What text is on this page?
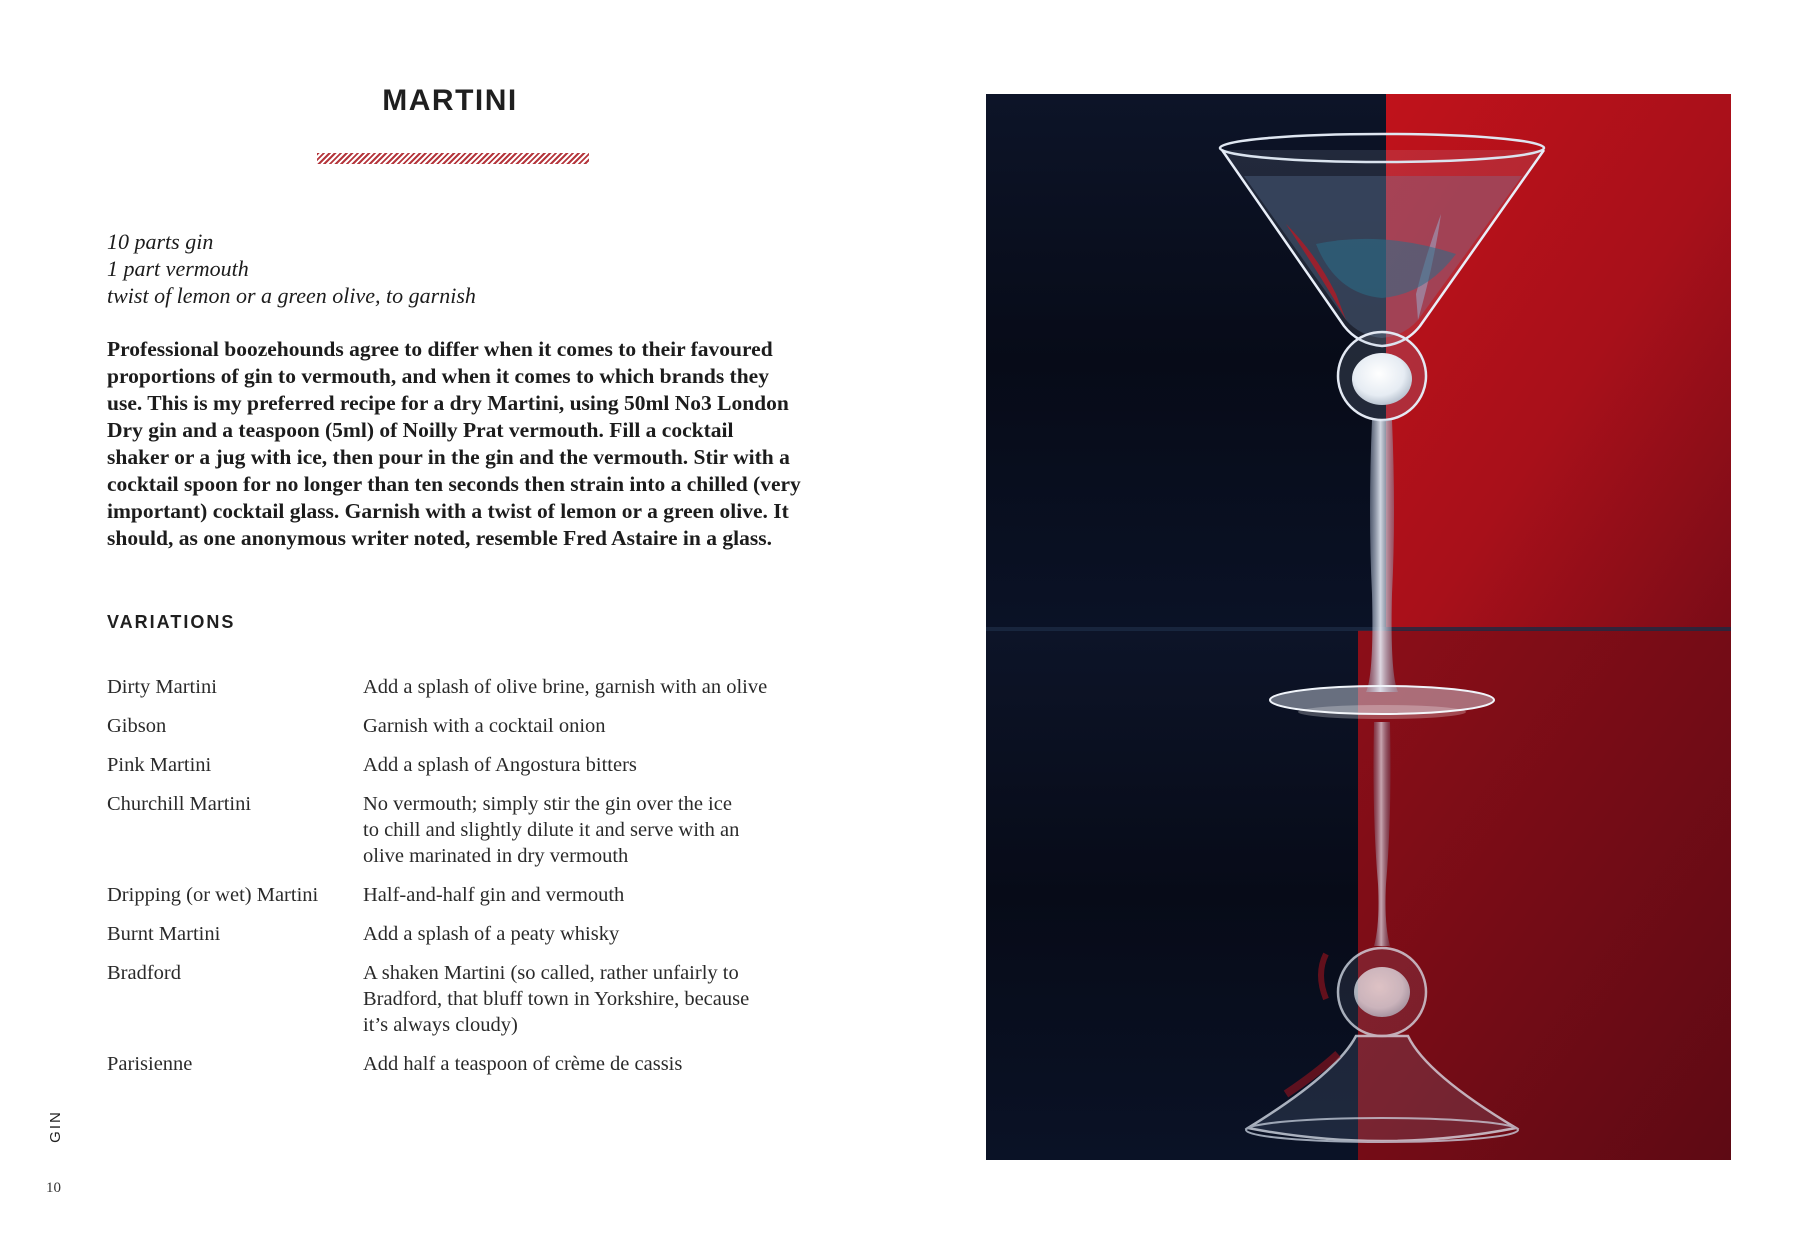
MARTINI
10 parts gin
1 part vermouth
twist of lemon or a green olive, to garnish
Professional boozehounds agree to differ when it comes to their favoured
proportions of gin to vermouth, and when it comes to which brands they
use. This is my preferred recipe for a dry Martini, using 50ml No3 London
Dry gin and a teaspoon (5ml) of Noilly Prat vermouth. Fill a cocktail
shaker or a jug with ice, then pour in the gin and the vermouth. Stir with a
cocktail spoon for no longer than ten seconds then strain into a chilled (very
important) cocktail glass. Garnish with a twist of lemon or a green olive. It
should, as one anonymous writer noted, resemble Fred Astaire in a glass.
VARIATIONS
Dirty Martini	Add a splash of olive brine, garnish with an olive
Gibson	Garnish with a cocktail onion
Pink Martini	Add a splash of Angostura bitters
Churchill Martini	No vermouth; simply stir the gin over the ice
to chill and slightly dilute it and serve with an
olive marinated in dry vermouth
Dripping (or wet) Martini	Half-and-half gin and vermouth
Burnt Martini	Add a splash of a peaty whisky
Bradford	A shaken Martini (so called, rather unfairly to
Bradford, that bluff town in Yorkshire, because
it’s always cloudy)
Parisienne	Add half a teaspoon of crème de cassis
GIN
10
